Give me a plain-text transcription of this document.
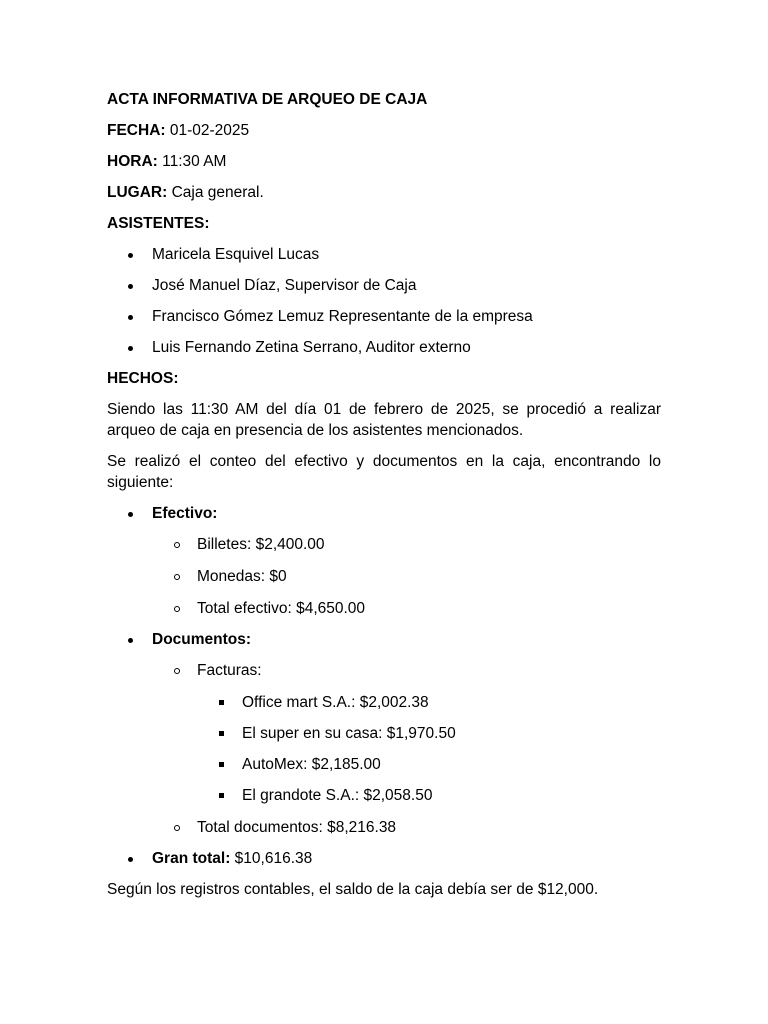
ACTA INFORMATIVA DE ARQUEO DE CAJA

FECHA: 01-02-2025

HORA: 11:30 AM

LUGAR: Caja general.

ASISTENTES:

Maricela Esquivel Lucas
José Manuel Díaz, Supervisor de Caja
Francisco Gómez Lemuz Representante de la empresa
Luis Fernando Zetina Serrano, Auditor externo

HECHOS:

Siendo las 11:30 AM del día 01 de febrero de 2025, se procedió a realizar arqueo de caja en presencia de los asistentes mencionados.

Se realizó el conteo del efectivo y documentos en la caja, encontrando lo siguiente:

Efectivo:
Billetes: $2,400.00
Monedas: $0
Total efectivo: $4,650.00
Documentos:
Facturas:
Office mart S.A.: $2,002.38
El super en su casa: $1,970.50
AutoMex: $2,185.00
El grandote S.A.: $2,058.50
Total documentos: $8,216.38
Gran total: $10,616.38

Según los registros contables, el saldo de la caja debía ser de $12,000.
